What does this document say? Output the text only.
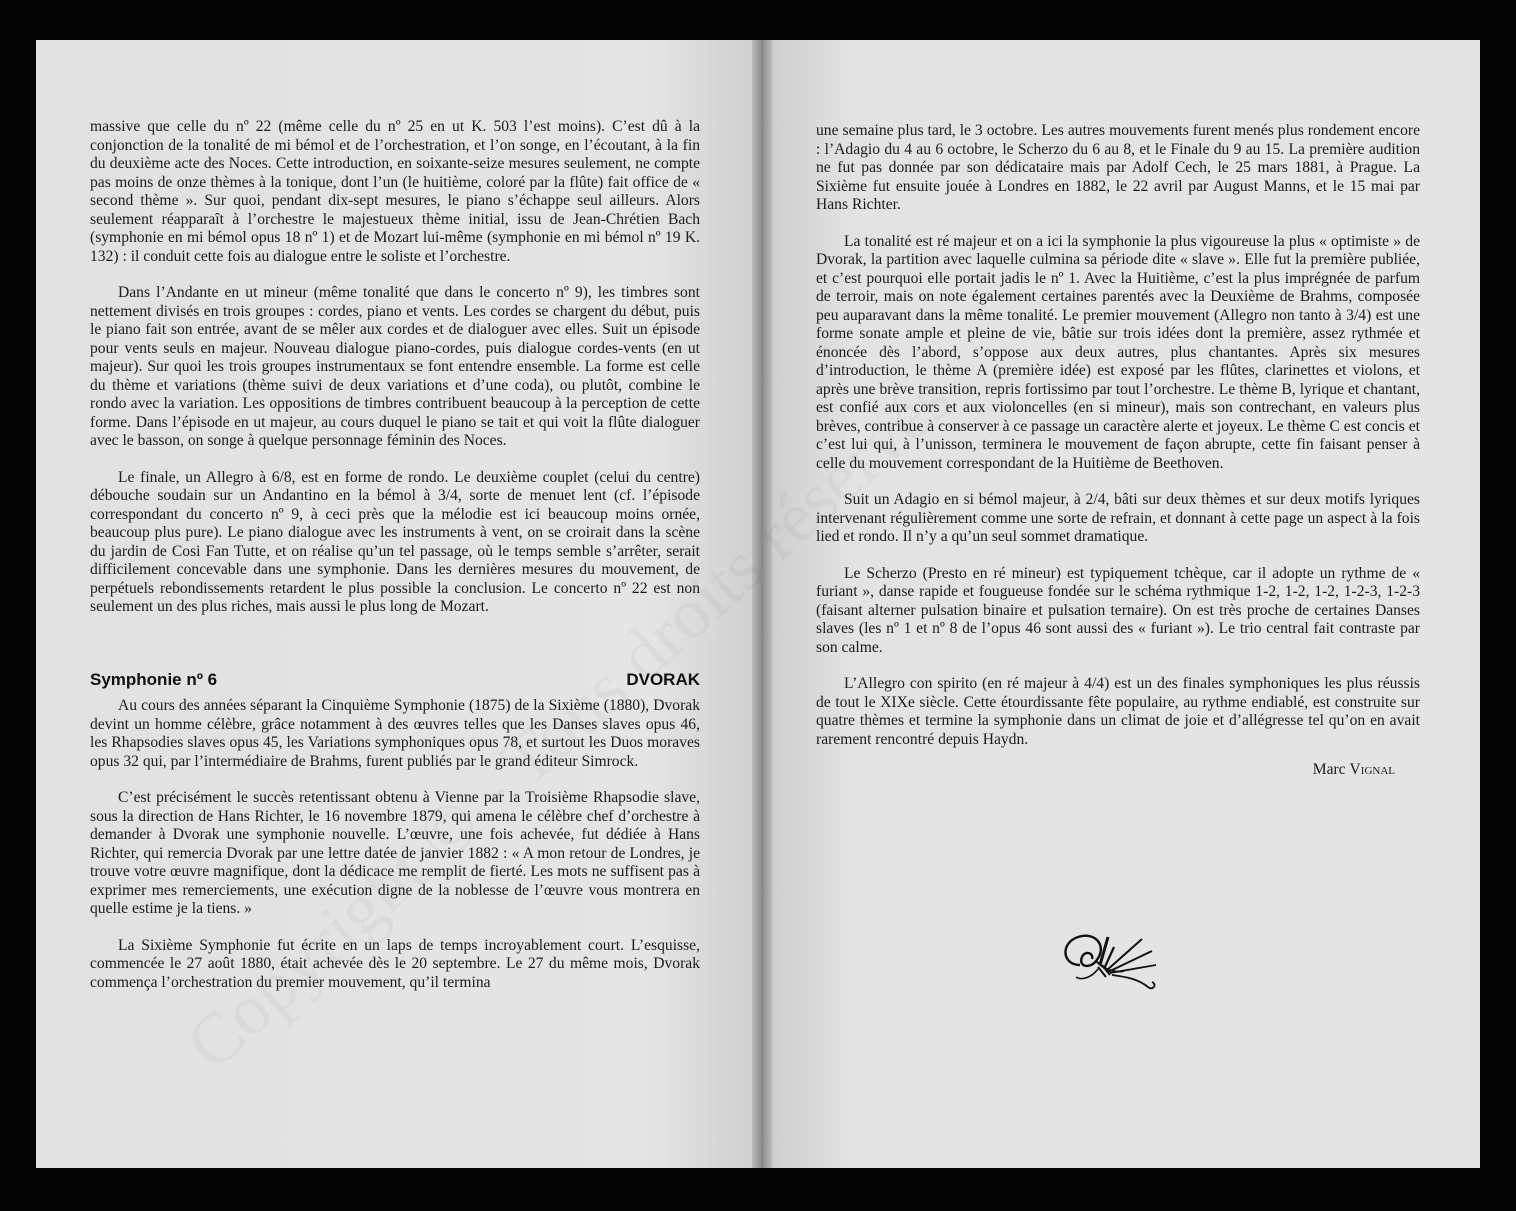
massive que celle du nº 22 (même celle du nº 25 en ut K. 503 l’est moins). C’est dû à la conjonction de la tonalité de mi bémol et de l’orchestration, et l’on songe, en l’écoutant, à la fin du deuxième acte des Noces. Cette introduction, en soixante-seize mesures seulement, ne compte pas moins de onze thèmes à la tonique, dont l’un (le huitième, coloré par la flûte) fait office de « second thème ». Sur quoi, pendant dix-sept mesures, le piano s’échappe seul ailleurs. Alors seulement réapparaît à l’orchestre le majestueux thème initial, issu de Jean-Chrétien Bach (symphonie en mi bémol opus 18 nº 1) et de Mozart lui-même (symphonie en mi bémol nº 19 K. 132) : il conduit cette fois au dialogue entre le soliste et l’orchestre.

Dans l’Andante en ut mineur (même tonalité que dans le concerto nº 9), les timbres sont nettement divisés en trois groupes : cordes, piano et vents. Les cordes se chargent du début, puis le piano fait son entrée, avant de se mêler aux cordes et de dialoguer avec elles. Suit un épisode pour vents seuls en majeur. Nouveau dialogue piano-cordes, puis dialogue cordes-vents (en ut majeur). Sur quoi les trois groupes instrumentaux se font entendre ensemble. La forme est celle du thème et variations (thème suivi de deux variations et d’une coda), ou plutôt, combine le rondo avec la variation. Les oppositions de timbres contribuent beaucoup à la perception de cette forme. Dans l’épisode en ut majeur, au cours duquel le piano se tait et qui voit la flûte dialoguer avec le basson, on songe à quelque personnage féminin des Noces.

Le finale, un Allegro à 6/8, est en forme de rondo. Le deuxième couplet (celui du centre) débouche soudain sur un Andantino en la bémol à 3/4, sorte de menuet lent (cf. l’épisode correspondant du concerto nº 9, à ceci près que la mélodie est ici beaucoup moins ornée, beaucoup plus pure). Le piano dialogue avec les instruments à vent, on se croirait dans la scène du jardin de Cosi Fan Tutte, et on réalise qu’un tel passage, où le temps semble s’arrêter, serait difficilement concevable dans une symphonie. Dans les dernières mesures du mouvement, de perpétuels rebondissements retardent le plus possible la conclusion. Le concerto nº 22 est non seulement un des plus riches, mais aussi le plus long de Mozart.

Symphonie nº 6	DVORAK

Au cours des années séparant la Cinquième Symphonie (1875) de la Sixième (1880), Dvorak devint un homme célèbre, grâce notamment à des œuvres telles que les Danses slaves opus 46, les Rhapsodies slaves opus 45, les Variations symphoniques opus 78, et surtout les Duos moraves opus 32 qui, par l’intermédiaire de Brahms, furent publiés par le grand éditeur Simrock.

C’est précisément le succès retentissant obtenu à Vienne par la Troisième Rhapsodie slave, sous la direction de Hans Richter, le 16 novembre 1879, qui amena le célèbre chef d’orchestre à demander à Dvorak une symphonie nouvelle. L’œuvre, une fois achevée, fut dédiée à Hans Richter, qui remercia Dvorak par une lettre datée de janvier 1882 : « A mon retour de Londres, je trouve votre œuvre magnifique, dont la dédicace me remplit de fierté. Les mots ne suffisent pas à exprimer mes remerciements, une exécution digne de la noblesse de l’œuvre vous montrera en quelle estime je la tiens. »

La Sixième Symphonie fut écrite en un laps de temps incroyablement court. L’esquisse, commencée le 27 août 1880, était achevée dès le 20 septembre. Le 27 du même mois, Dvorak commença l’orchestration du premier mouvement, qu’il termina

une semaine plus tard, le 3 octobre. Les autres mouvements furent menés plus rondement encore : l’Adagio du 4 au 6 octobre, le Scherzo du 6 au 8, et le Finale du 9 au 15. La première audition ne fut pas donnée par son dédicataire mais par Adolf Cech, le 25 mars 1881, à Prague. La Sixième fut ensuite jouée à Londres en 1882, le 22 avril par August Manns, et le 15 mai par Hans Richter.

La tonalité est ré majeur et on a ici la symphonie la plus vigoureuse la plus « optimiste » de Dvorak, la partition avec laquelle culmina sa période dite « slave ». Elle fut la première publiée, et c’est pourquoi elle portait jadis le nº 1. Avec la Huitième, c’est la plus imprégnée de parfum de terroir, mais on note également certaines parentés avec la Deuxième de Brahms, composée peu auparavant dans la même tonalité. Le premier mouvement (Allegro non tanto à 3/4) est une forme sonate ample et pleine de vie, bâtie sur trois idées dont la première, assez rythmée et énoncée dès l’abord, s’oppose aux deux autres, plus chantantes. Après six mesures d’introduction, le thème A (première idée) est exposé par les flûtes, clarinettes et violons, et après une brève transition, repris fortissimo par tout l’orchestre. Le thème B, lyrique et chantant, est confié aux cors et aux violoncelles (en si mineur), mais son contrechant, en valeurs plus brèves, contribue à conserver à ce passage un caractère alerte et joyeux. Le thème C est concis et c’est lui qui, à l’unisson, terminera le mouvement de façon abrupte, cette fin faisant penser à celle du mouvement correspondant de la Huitième de Beethoven.

Suit un Adagio en si bémol majeur, à 2/4, bâti sur deux thèmes et sur deux motifs lyriques intervenant régulièrement comme une sorte de refrain, et donnant à cette page un aspect à la fois lied et rondo. Il n’y a qu’un seul sommet dramatique.

Le Scherzo (Presto en ré mineur) est typiquement tchèque, car il adopte un rythme de « furiant », danse rapide et fougueuse fondée sur le schéma rythmique 1-2, 1-2, 1-2, 1-2-3, 1-2-3 (faisant alterner pulsation binaire et pulsation ternaire). On est très proche de certaines Danses slaves (les nº 1 et nº 8 de l’opus 46 sont aussi des « furiant »). Le trio central fait contraste par son calme.

L’Allegro con spirito (en ré majeur à 4/4) est un des finales symphoniques les plus réussis de tout le XIXe siècle. Cette étourdissante fête populaire, au rythme endiablé, est construite sur quatre thèmes et termine la symphonie dans un climat de joie et d’allégresse tel qu’on en avait rarement rencontré depuis Haydn.

Marc Vignal
